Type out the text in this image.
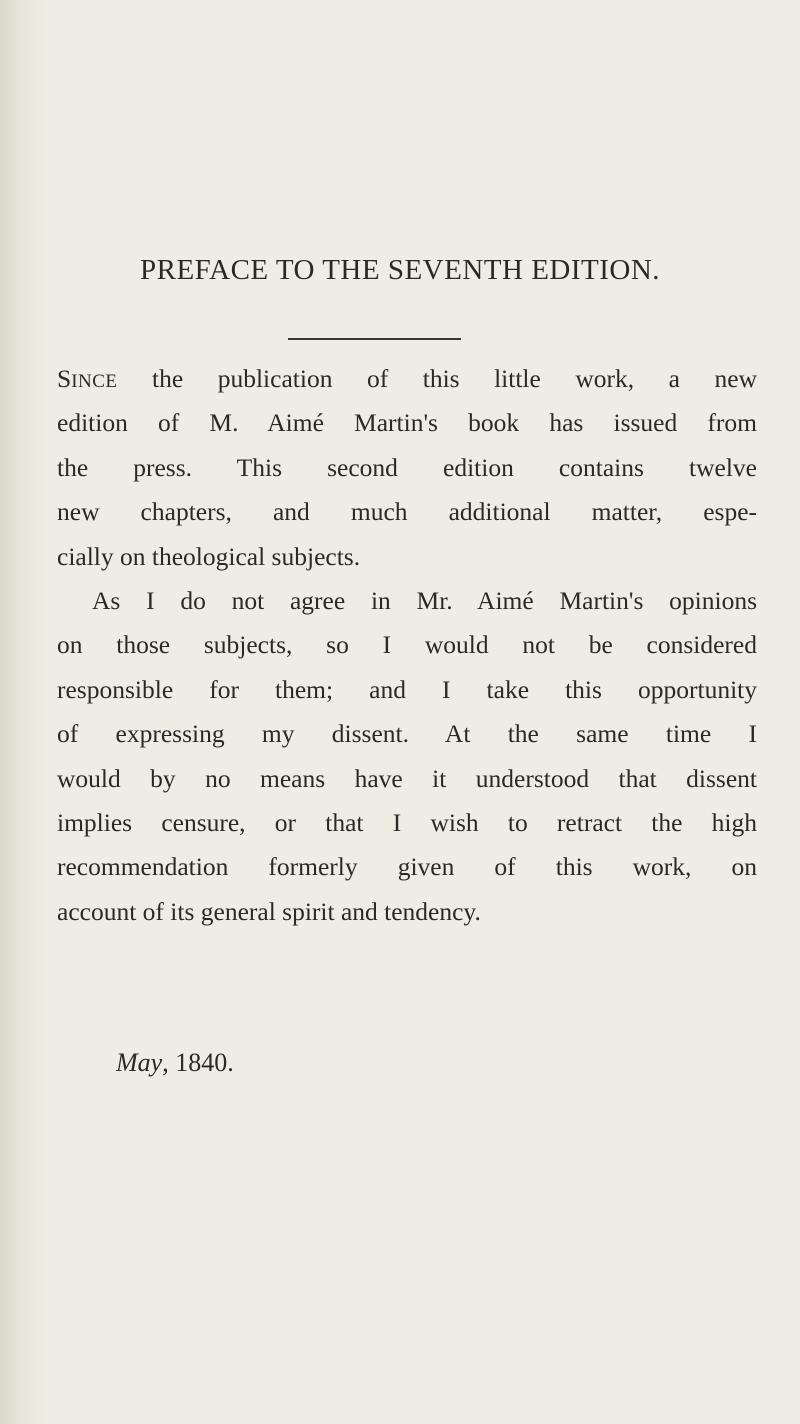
PREFACE TO THE SEVENTH EDITION.
SINCE the publication of this little work, a new
edition of M. Aimé Martin's book has issued from
the press. This second edition contains twelve
new chapters, and much additional matter, espe-
cially on theological subjects.
As I do not agree in Mr. Aimé Martin's opinions
on those subjects, so I would not be considered
responsible for them; and I take this opportunity
of expressing my dissent. At the same time I
would by no means have it understood that dissent
implies censure, or that I wish to retract the high
recommendation formerly given of this work, on
account of its general spirit and tendency.
May, 1840.
